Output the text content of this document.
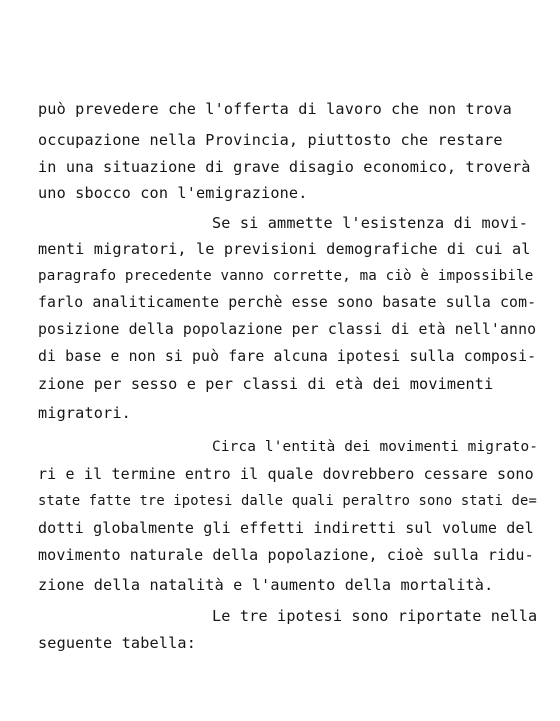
può prevedere che l'offerta di lavoro che non trova

occupazione nella Provincia, piuttosto che restare

in una situazione di grave disagio economico, troverà

uno sbocco con l'emigrazione.

Se si ammette l'esistenza di movi-

menti migratori, le previsioni demografiche di cui al

paragrafo precedente vanno corrette, ma ciò è impossibile

farlo analiticamente perchè esse sono basate sulla com-

posizione della popolazione per classi di età nell'anno

di base e non si può fare alcuna ipotesi sulla composi-

zione per sesso e per classi di età dei movimenti

migratori.

Circa l'entità dei movimenti migrato-

ri e il termine entro il quale dovrebbero cessare sono

state fatte tre ipotesi dalle quali peraltro sono stati de=

dotti globalmente gli effetti indiretti sul volume del

movimento naturale della popolazione, cioè sulla ridu-

zione della natalità e l'aumento della mortalità.

Le tre ipotesi sono riportate nella

seguente tabella:
